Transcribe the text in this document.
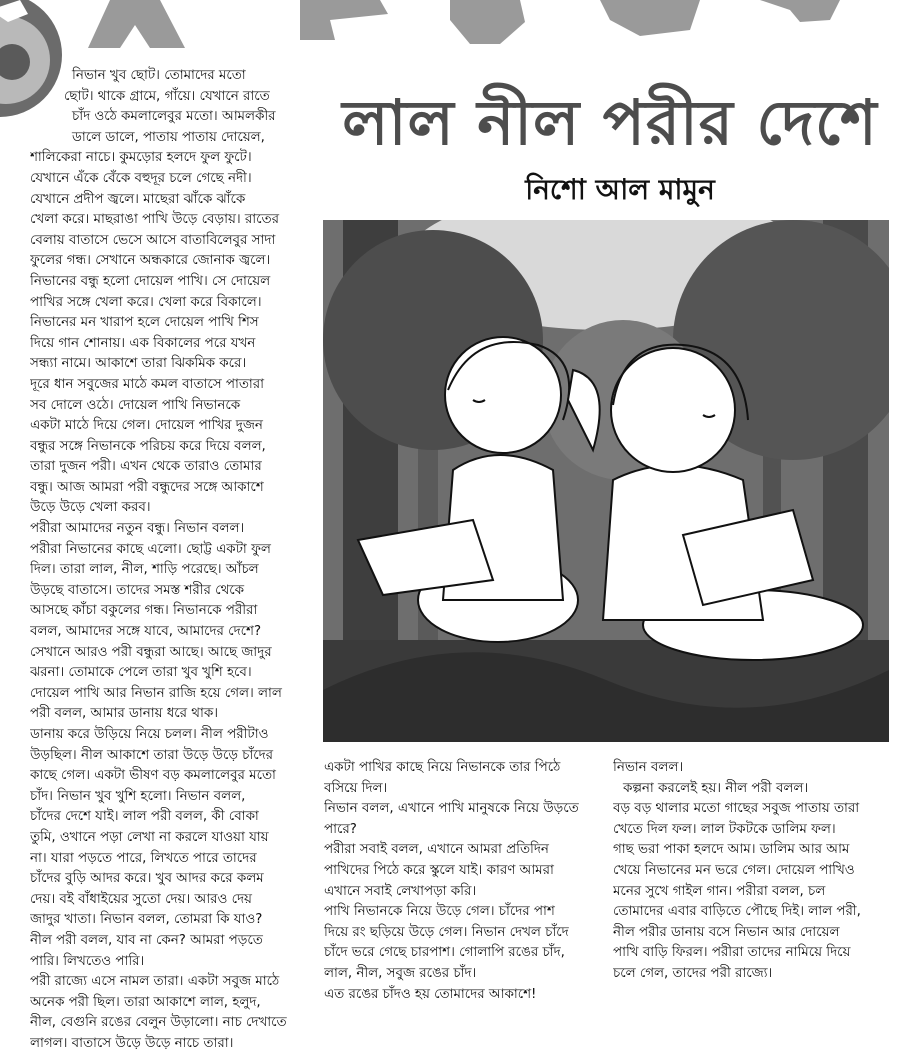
লাল নীল পরীর দেশে
নিশো আল মামুন
নিভান খুব ছোট। তোমাদের মতো
ছোট। থাকে গ্রামে, গাঁয়ে। যেখানে রাতে
চাঁদ ওঠে কমলালেবুর মতো। আমলকীর
ডালে ডালে, পাতায় পাতায় দোয়েল,
শালিকেরা নাচে। কুমড়োর হলদে ফুল ফুটে।
যেখানে এঁকে বেঁকে বহুদূর চলে গেছে নদী।
যেখানে প্রদীপ জ্বলে। মাছেরা ঝাঁকে ঝাঁকে
খেলা করে। মাছরাঙা পাখি উড়ে বেড়ায়। রাতের
বেলায় বাতাসে ভেসে আসে বাতাবিলেবুর সাদা
ফুলের গন্ধ। সেখানে অন্ধকারে জোনাক জ্বলে।
নিভানের বন্ধু হলো দোয়েল পাখি। সে দোয়েল
পাখির সঙ্গে খেলা করে। খেলা করে বিকালে।
নিভানের মন খারাপ হলে দোয়েল পাখি শিস
দিয়ে গান শোনায়। এক বিকালের পরে যখন
সন্ধ্যা নামে। আকাশে তারা ঝিকমিক করে।
দূরে ধান সবুজের মাঠে কমল বাতাসে পাতারা
সব দোলে ওঠে। দোয়েল পাখি নিভানকে
একটা মাঠে দিয়ে গেল। দোয়েল পাখির দুজন
বন্ধুর সঙ্গে নিভানকে পরিচয় করে দিয়ে বলল,
তারা দুজন পরী। এখন থেকে তারাও তোমার
বন্ধু। আজ আমরা পরী বন্ধুদের সঙ্গে আকাশে
উড়ে উড়ে খেলা করব।
পরীরা আমাদের নতুন বন্ধু। নিভান বলল।
পরীরা নিভানের কাছে এলো। ছোট্ট একটা ফুল
দিল। তারা লাল, নীল, শাড়ি পরেছে। আঁচল
উড়ছে বাতাসে। তাদের সমস্ত শরীর থেকে
আসছে কাঁচা বকুলের গন্ধ। নিভানকে পরীরা
বলল, আমাদের সঙ্গে যাবে, আমাদের দেশে?
সেখানে আরও পরী বন্ধুরা আছে। আছে জাদুর
ঝরনা। তোমাকে পেলে তারা খুব খুশি হবে।
দোয়েল পাখি আর নিভান রাজি হয়ে গেল। লাল
পরী বলল, আমার ডানায় ধরে থাক।
ডানায় করে উড়িয়ে নিয়ে চলল। নীল পরীটাও
উড়ছিল। নীল আকাশে তারা উড়ে উড়ে চাঁদের
কাছে গেল। একটা ভীষণ বড় কমলালেবুর মতো
চাঁদ। নিভান খুব খুশি হলো। নিভান বলল,
চাঁদের দেশে যাই। লাল পরী বলল, কী বোকা
তুমি, ওখানে পড়া লেখা না করলে যাওয়া যায়
না। যারা পড়তে পারে, লিখতে পারে তাদের
চাঁদের বুড়ি আদর করে। খুব আদর করে কলম
দেয়। বই বাঁধাইয়ের সুতো দেয়। আরও দেয়
জাদুর খাতা। নিভান বলল, তোমরা কি যাও?
নীল পরী বলল, যাব না কেন? আমরা পড়তে
পারি। লিখতেও পারি।
পরী রাজ্যে এসে নামল তারা। একটা সবুজ মাঠে
অনেক পরী ছিল। তারা আকাশে লাল, হলুদ,
নীল, বেগুনি রঙের বেলুন উড়ালো। নাচ দেখাতে
লাগল। বাতাসে উড়ে উড়ে নাচে তারা।
একটা পাখির কাছে নিয়ে নিভানকে তার পিঠে
বসিয়ে দিল।
নিভান বলল, এখানে পাখি মানুষকে নিয়ে উড়তে
পারে?
পরীরা সবাই বলল, এখানে আমরা প্রতিদিন
পাখিদের পিঠে করে স্কুলে যাই। কারণ আমরা
এখানে সবাই লেখাপড়া করি।
পাখি নিভানকে নিয়ে উড়ে গেল। চাঁদের পাশ
দিয়ে রং ছড়িয়ে উড়ে গেল। নিভান দেখল চাঁদে
চাঁদে ভরে গেছে চারপাশ। গোলাপি রঙের চাঁদ,
লাল, নীল, সবুজ রঙের চাঁদ।
এত রঙের চাঁদও হয় তোমাদের আকাশে!
নিভান বলল।
কল্পনা করলেই হয়। নীল পরী বলল।
বড় বড় থালার মতো গাছের সবুজ পাতায় তারা
খেতে দিল ফল। লাল টকটকে ডালিম ফল।
গাছ ভরা পাকা হলদে আম। ডালিম আর আম
খেয়ে নিভানের মন ভরে গেল। দোয়েল পাখিও
মনের সুখে গাইল গান। পরীরা বলল, চল
তোমাদের এবার বাড়িতে পৌছে দিই। লাল পরী,
নীল পরীর ডানায় বসে নিভান আর দোয়েল
পাখি বাড়ি ফিরল। পরীরা তাদের নামিয়ে দিয়ে
চলে গেল, তাদের পরী রাজ্যে।
